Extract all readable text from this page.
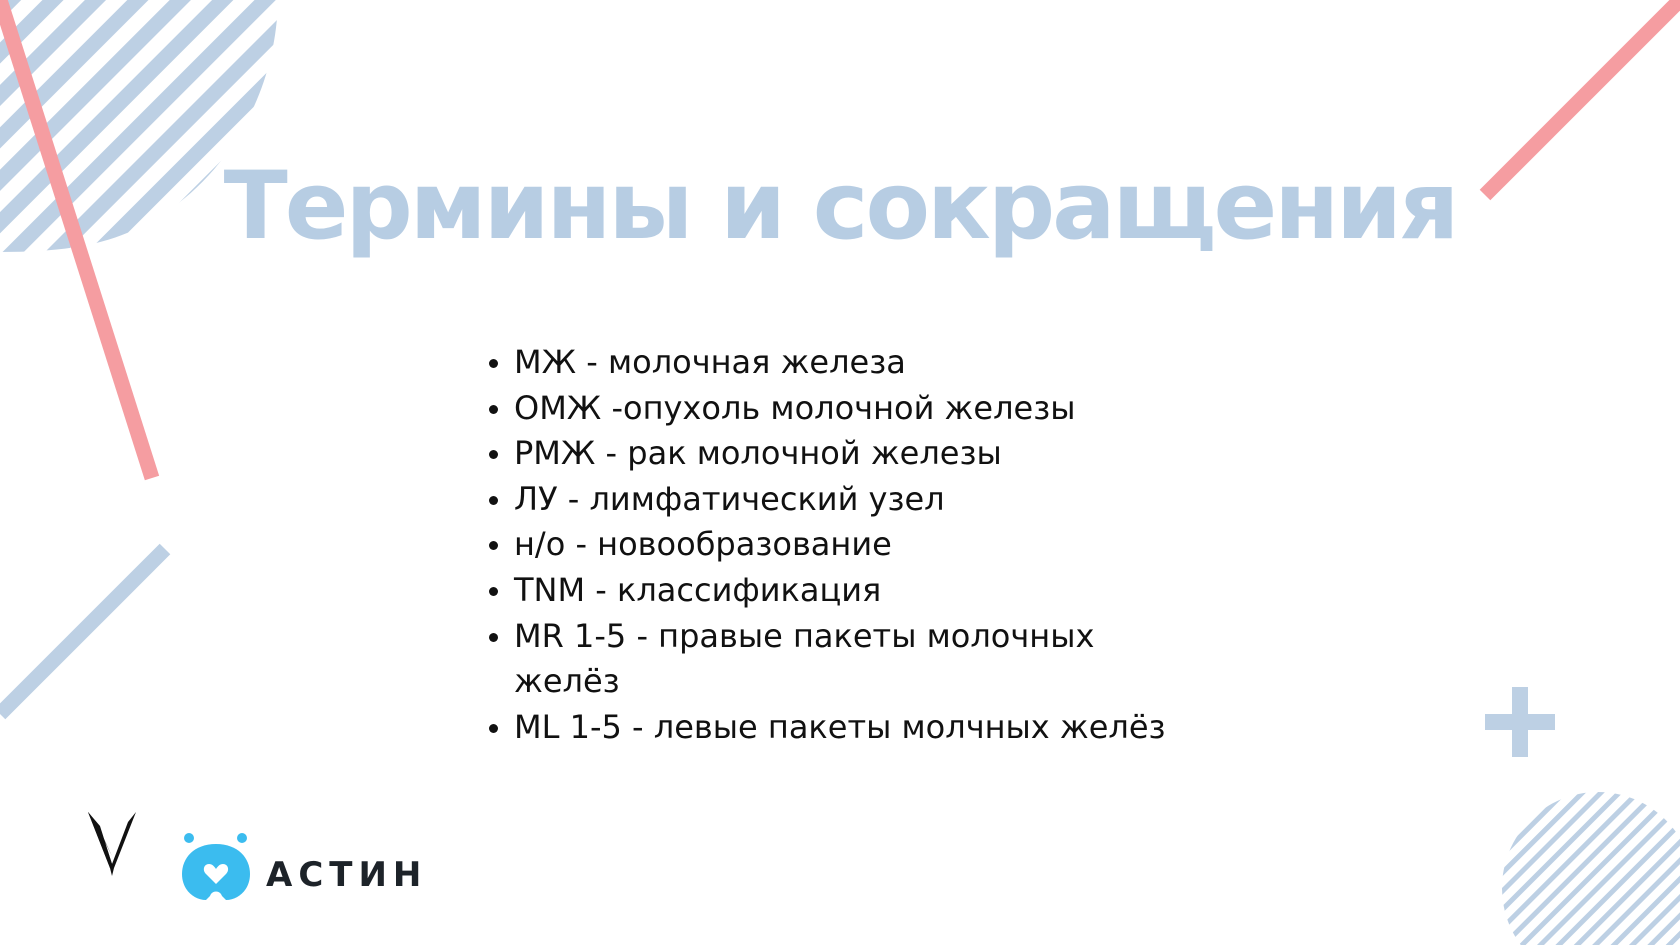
Термины и сокращения
• МЖ - молочная железа
• ОМЖ -опухоль молочной железы
• РМЖ - рак молочной железы
• ЛУ - лимфатический узел
• н/о - новообразование
• TNM - классификация
• MR 1-5 - правые пакеты молочных желёз
• ML 1-5 - левые пакеты молчных желёз
АСТИН
